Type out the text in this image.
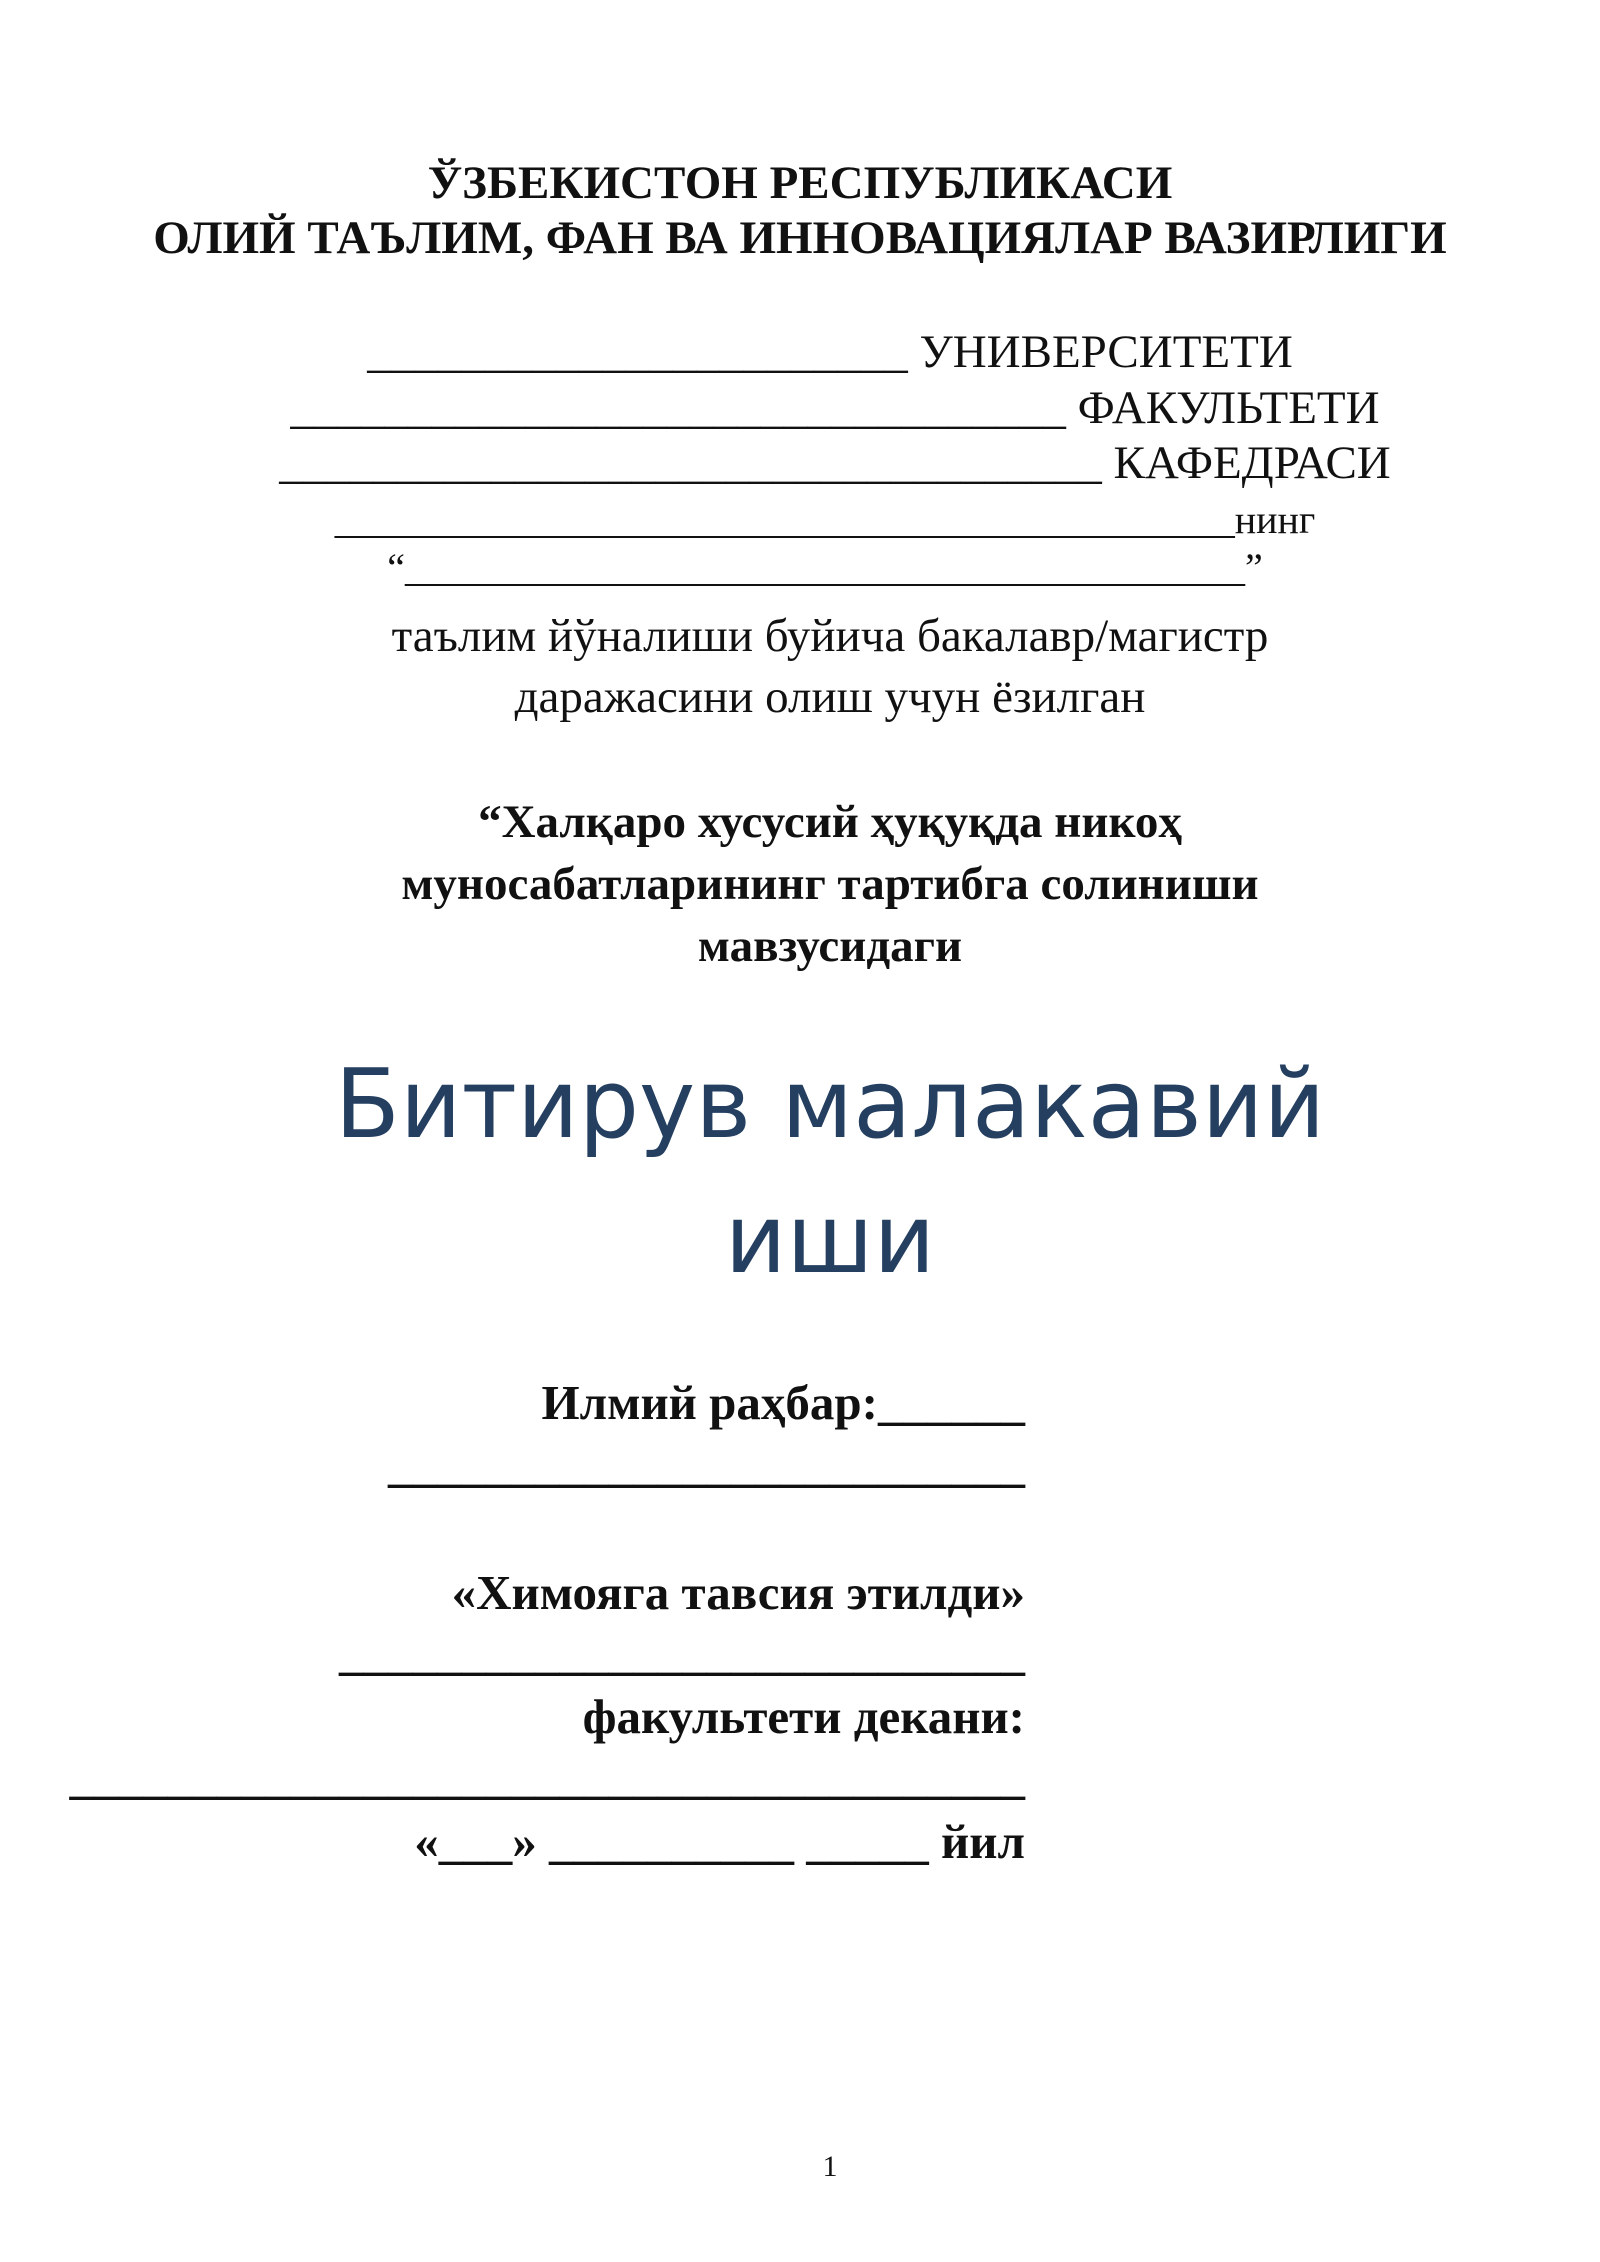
ЎЗБЕКИСТОН РЕСПУБЛИКАСИ
ОЛИЙ ТАЪЛИМ, ФАН ВА ИННОВАЦИЯЛАР ВАЗИРЛИГИ
_______________________ УНИВЕРСИТЕТИ
_________________________________ ФАКУЛЬТЕТИ
___________________________________ КАФЕДРАСИ
_____________________________________________нинг
“__________________________________________”
таълим йўналиши буйича бакалавр/магистр
даражасини олиш учун ёзилган
“Халқаро хусусий ҳуқуқда никоҳ
муносабатларининг тартибга солиниши
мавзусидаги
Битирув малакавий
иши
Илмий раҳбар:______
__________________________
«Химояга тавсия этилди»
____________________________
факультети декани:
_______________________________________
«___» __________ _____ йил
1
